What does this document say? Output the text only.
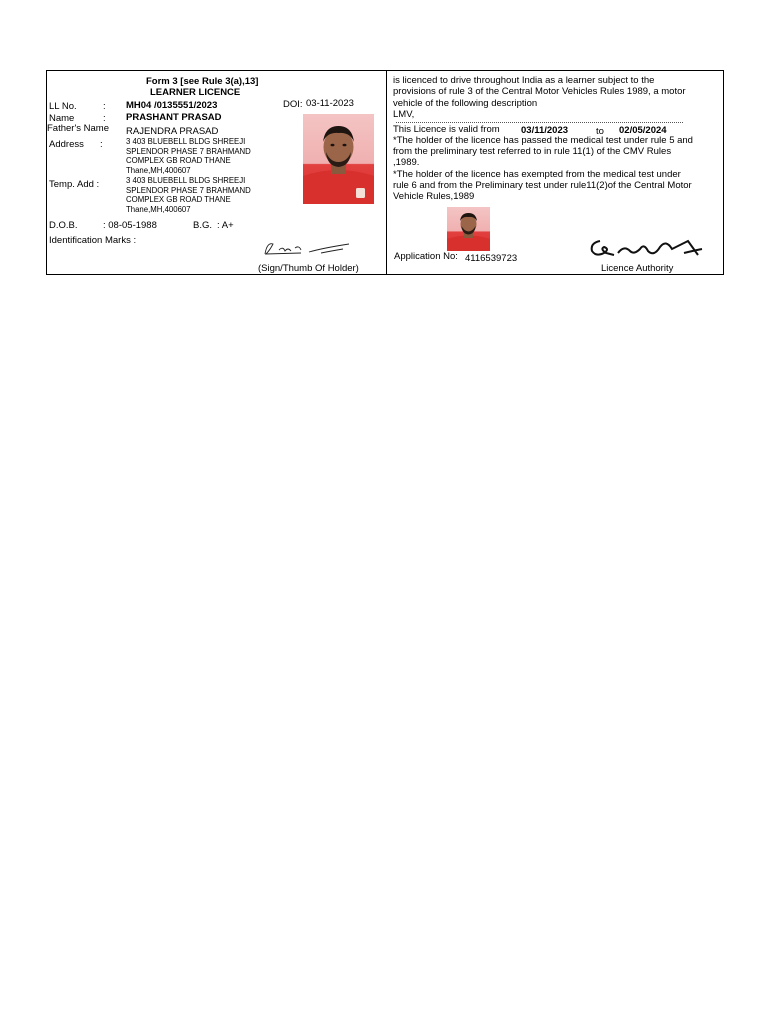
Form 3 [see Rule 3(a),13]
LEARNER LICENCE
LL No.	: MH04 /0135551/2023	DOI: 03-11-2023
Name	: PRASHANT PRASAD
Father's Name RAJENDRA PRASAD
Address :	3 403 BLUEBELL BLDG SHREEJI
SPLENDOR PHASE 7 BRAHMAND
COMPLEX GB ROAD THANE
Thane,MH,400607
Temp. Add :	3 403 BLUEBELL BLDG SHREEJI
SPLENDOR PHASE 7 BRAHMAND
COMPLEX GB ROAD THANE
Thane,MH,400607
D.O.B.	: 08-05-1988	B.G. : A+
Identification Marks :
(Sign/Thumb Of Holder)
is licenced to drive throughout India as a learner subject to the
provisions of rule 3 of the Central Motor Vehicles Rules 1989, a motor
vehicle of the following description
LMV,
This Licence is valid from 03/11/2023	to 02/05/2024
*The holder of the licence has passed the medical test under rule 5 and
from the preliminary test referred to in rule 11(1) of the CMV Rules
,1989.
*The holder of the licence has exempted from the medical test under
rule 6 and from the Preliminary test under rule11(2)of the Central Motor
Vehicle Rules,1989
Application No: 4116539723
Licence Authority
